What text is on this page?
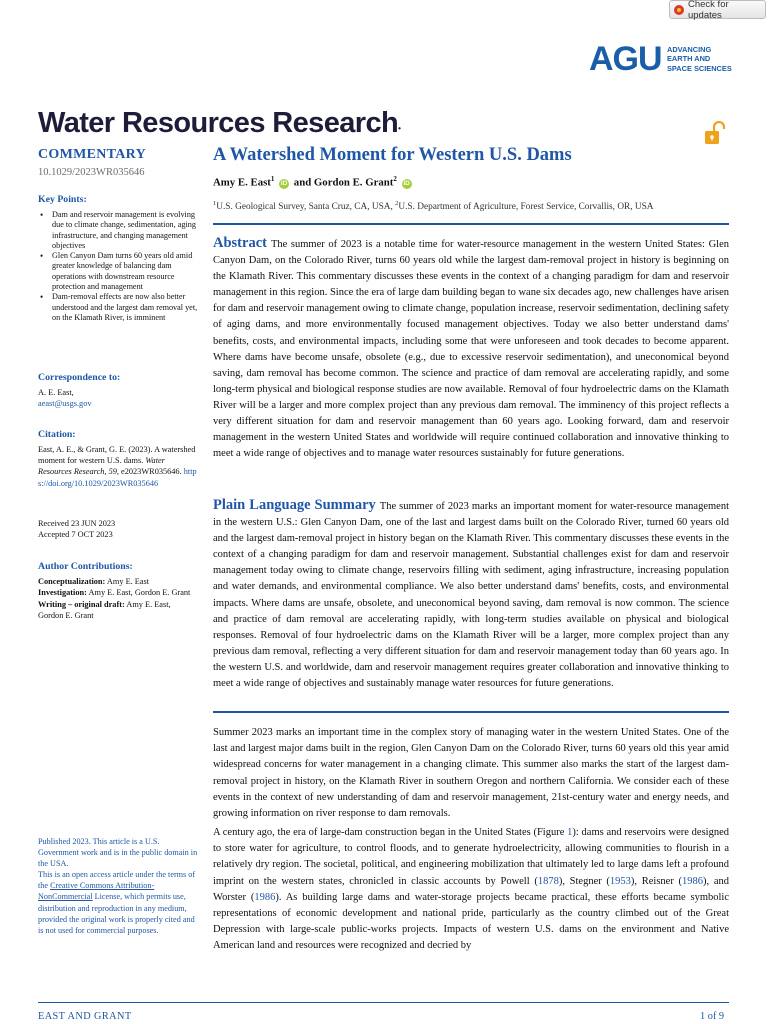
Check for updates
AGU ADVANCING
EARTH AND
SPACE SCIENCES
Water Resources Research•
COMMENTARY
10.1029/2023WR035646
Key Points:
• Dam and reservoir management is evolving due to climate change, sedimentation, aging infrastructure, and changing management objectives
• Glen Canyon Dam turns 60 years old amid greater knowledge of balancing dam operations with downstream resource protection and management
• Dam-removal effects are now also better understood and the largest dam removal yet, on the Klamath River, is imminent
Correspondence to:
A. E. East,
aeast@usgs.gov
Citation:
East, A. E., & Grant, G. E. (2023). A watershed moment for western U.S. dams. Water Resources Research, 59, e2023WR035646. https://doi.org/10.1029/2023WR035646
Received 23 JUN 2023
Accepted 7 OCT 2023
Author Contributions:
Conceptualization: Amy E. East
Investigation: Amy E. East, Gordon E. Grant
Writing – original draft: Amy E. East, Gordon E. Grant
Published 2023. This article is a U.S. Government work and is in the public domain in the USA.
This is an open access article under the terms of the Creative Commons Attribution-NonCommercial License, which permits use, distribution and reproduction in any medium, provided the original work is properly cited and is not used for commercial purposes.
A Watershed Moment for Western U.S. Dams
Amy E. East$^1$ iD and Gordon E. Grant$^2$ iD
$^1$U.S. Geological Survey, Santa Cruz, CA, USA, $^2$U.S. Department of Agriculture, Forest Service, Corvallis, OR, USA
Abstract The summer of 2023 is a notable time for water-resource management in the western United States: Glen Canyon Dam, on the Colorado River, turns 60 years old while the largest dam-removal project in history is beginning on the Klamath River. This commentary discusses these events in the context of a changing paradigm for dam and reservoir management in this region. Since the era of large dam building began to wane six decades ago, new challenges have arisen for dam and reservoir management owing to climate change, population increase, reservoir sedimentation, declining safety of aging dams, and more environmentally focused management objectives. Today we also better understand dams' benefits, costs, and environmental impacts, including some that were unforeseen and took decades to become apparent. Where dams have become unsafe, obsolete (e.g., due to excessive reservoir sedimentation), and uneconomical beyond saving, dam removal has become common. The science and practice of dam removal are accelerating rapidly, and some long-term physical and biological response studies are now available. Removal of four hydroelectric dams on the Klamath River will be a larger and more complex project than any previous dam removal. The imminency of this project reflects a very different situation for dam and reservoir management than 60 years ago. Looking forward, dam and reservoir management in the western United States and worldwide will require continued collaboration and innovative thinking to meet a wide range of objectives and to manage water resources sustainably for future generations.
Plain Language Summary The summer of 2023 marks an important moment for water-resource management in the western U.S.: Glen Canyon Dam, one of the last and largest dams built on the Colorado River, turned 60 years old and the largest dam-removal project in history began on the Klamath River. This commentary discusses these events in the context of a changing paradigm for dam and reservoir management. Substantial challenges exist for dam and reservoir management today owing to climate change, reservoirs filling with sediment, aging infrastructure, increasing population and water demands, and environmental compliance. We also better understand dams' benefits, costs, and environmental impacts. Where dams are unsafe, obsolete, and uneconomical beyond saving, dam removal is now common. The science and practice of dam removal are accelerating rapidly, with long-term studies available on physical and biological responses. Removal of four hydroelectric dams on the Klamath River will be a larger, more complex project than any previous dam removal, reflecting a very different situation for dam and reservoir management today than 60 years ago. In the western U.S. and worldwide, dam and reservoir management requires greater collaboration and innovative thinking to meet a wide range of objectives and sustainably manage water resources for future generations.
Summer 2023 marks an important time in the complex story of managing water in the western United States. One of the last and largest major dams built in the region, Glen Canyon Dam on the Colorado River, turns 60 years old this year amid widespread concerns for water management in a changing climate. This summer also marks the start of the largest dam-removal project in history, on the Klamath River in southern Oregon and northern California. We consider each of these events in the context of new understanding of dam and reservoir management, 21st-century water and energy needs, and growing information on river response to dam removals.
A century ago, the era of large-dam construction began in the United States (Figure 1): dams and reservoirs were designed to store water for agriculture, to control floods, and to generate hydroelectricity, allowing communities to flourish in a relatively dry region. The societal, political, and engineering mobilization that ultimately led to large dams left a profound imprint on the western states, chronicled in classic accounts by Powell (1878), Stegner (1953), Reisner (1986), and Worster (1986). As building large dams and water-storage projects became practical, these efforts became symbolic representations of economic development and national pride, particularly as the country climbed out of the Great Depression with large-scale public-works projects. Impacts of western U.S. dams on the environment and Native American land and resources were recognized and decried by
EAST AND GRANT	1 of 9
